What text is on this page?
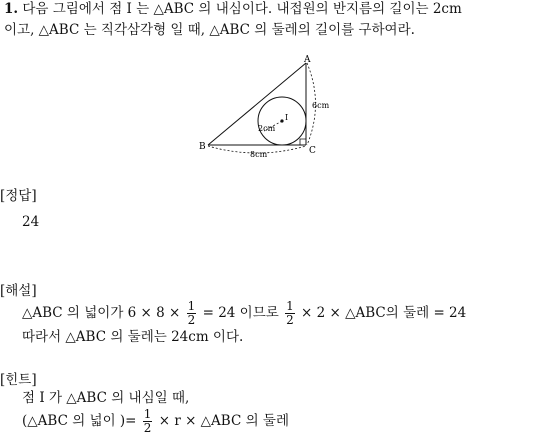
1. 다음 그림에서 점 I 는 △ABC 의 내심이다. 내접원의 반지름의 길이는 2cm
이고, △ABC 는 직각삼각형 일 때, △ABC 의 둘레의 길이를 구하여라.
A
B	C
I
2cm
8cm
6cm
[정답]
24
[해설]
△ABC 의 넓이가 $6 \times 8 \times \frac{1}{2} = 24$ 이므로 $\frac{1}{2} \times 2$ × △ABC의 둘레 = 24
따라서 △ABC 의 둘레는 24cm 이다.
[힌트]
점 I 가 △ABC 의 내심일 때,
(△ABC 의 넓이 )= $\frac{1}{2} \times r$ × △ABC 의 둘레
